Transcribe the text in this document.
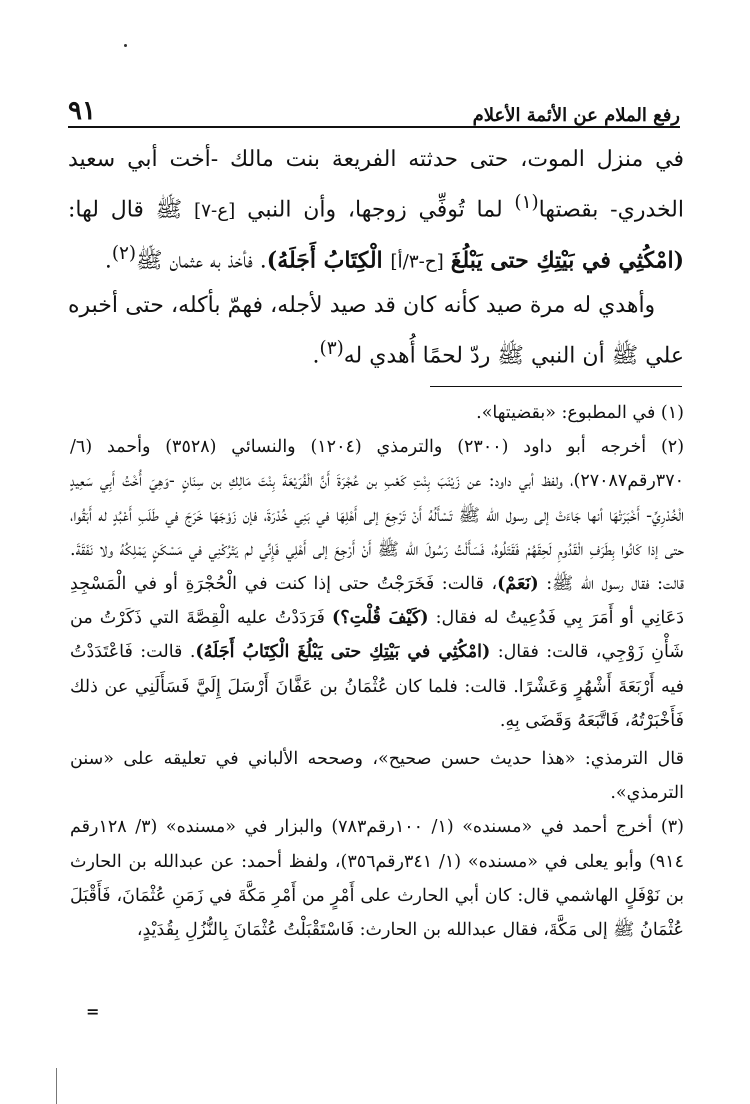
٩١	رفع الملام عن الأئمة الأعلام

في منزل الموت، حتى حدثته الفريعة بنت مالك -أخت أبي سعيد الخدري- بقصتها$^{(١)}$ لما تُوفِّي زوجها، وأن النبي [ع-٧] ﷺ قال لها: (امْكُثِي في بَيْتِكِ حتى يَبْلُغَ [ح-٣/أ] الْكِتَابُ أَجَلَهُ). فأخذ به عثمان ﷺ$^{(٢)}$.

وأهدي له مرة صيد كأنه كان قد صيد لأجله، فهمّ بأكله، حتى أخبره علي ﷺ أن النبي ﷺ ردّ لحمًا أُهدي له$^{(٣)}$.

(١) في المطبوع: «بقضيتها».

(٢) أخرجه أبو داود (٢٣٠٠) والترمذي (١٢٠٤) والنسائي (٣٥٢٨) وأحمد (٦/ ٣٧٠رقم٢٧٠٨٧)، ولفظ أبي داود: عن زَيْنَبَ بِنْتِ كَعْبِ بن عُجْرَةَ أَنَّ الْفُرَيْعَةَ بِنْتَ مَالِكِ بن سِنَانٍ -وَهِيَ أُخْتُ أَبِي سَعِيدٍ الْخُدْرِيِّ- أَخْبَرَتْهَا أنها جَاءَتْ إلى رسول الله ﷺ تَسْأَلُهُ أَنْ تَرْجِعَ إلى أَهْلِهَا في بَنِي خُدْرَةَ، فإن زَوْجَهَا خَرَجَ في طَلَبِ أَعْبُدٍ له أَبَقُوا، حتى إذا كَانُوا بِطَرَفِ الْقَدُومِ لَحِقَهُمْ فَقَتَلُوهُ، فَسَأَلْتُ رَسُولَ الله ﷺ أَنْ أَرْجِعَ إلى أَهْلِي فَإِنِّي لم يَتْرُكْنِي في مَسْكَنٍ يَمْلِكُهُ ولا نَفَقَةَ. قالت: فقال رسول الله ﷺ: (نَعَمْ)، قالت: فَخَرَجْتُ حتى إذا كنت في الْحُجْرَةِ أو في الْمَسْجِدِ دَعَانِي أو أَمَرَ بِي فَدُعِيتُ له فقال: (كَيْفَ قُلْتِ؟) فَرَدَدْتُ عليه الْقِصَّةَ التي ذَكَرْتُ من شَأْنِ زَوْجِي، قالت: فقال: (امْكُثِي في بَيْتِكِ حتى يَبْلُغَ الْكِتَابُ أَجَلَهُ). قالت: فَاعْتَدَدْتُ فيه أَرْبَعَةَ أَشْهُرٍ وَعَشْرًا. قالت: فلما كان عُثْمَانُ بن عَفَّانَ أَرْسَلَ إِلَيَّ فَسَأَلَنِي عن ذلك فَأَخْبَرْتُهُ، فَاتَّبَعَهُ وَقَضَى بِهِ.

قال الترمذي: «هذا حديث حسن صحيح»، وصححه الألباني في تعليقه على «سنن الترمذي».

(٣) أخرج أحمد في «مسنده» (١/ ١٠٠رقم٧٨٣) والبزار في «مسنده» (٣/ ١٢٨رقم ٩١٤) وأبو يعلى في «مسنده» (١/ ٣٤١رقم٣٥٦)، ولفظ أحمد: عن عبدالله بن الحارث بن نَوْفَلٍ الهاشمي قال: كان أبي الحارث على أَمْرٍ من أَمْرِ مَكَّةَ في زَمَنِ عُثْمَانَ، فَأَقْبَلَ عُثْمَانُ ﷺ إلى مَكَّةَ، فقال عبدالله بن الحارث: فَاسْتَقْبَلْتُ عُثْمَانَ بِالنُّزُلِ بِقُدَيْدٍ،

=
